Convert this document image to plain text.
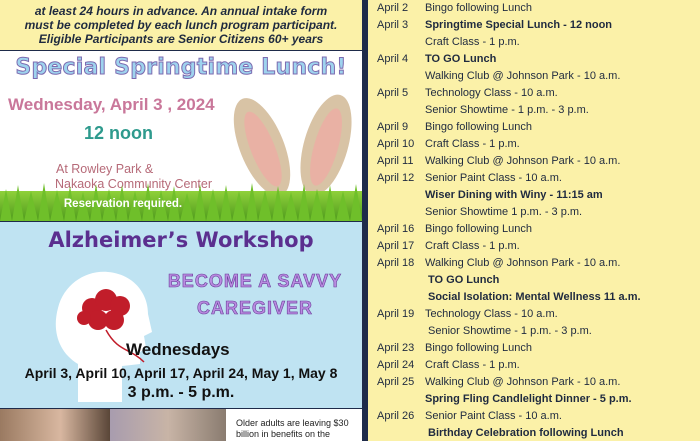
at least 24 hours in advance. An annual intake form

must be completed by each lunch program participant.

Eligible Participants are Senior Citizens 60+ years

Special Springtime Lunch!
Wednesday, April 3 , 2024
12 noon
At Rowley Park &
Nakaoka Community Center
Reservation required.
Alzheimer’s Workshop
BECOME A SAVVY
CAREGIVER
Wednesdays
April 3, April 10, April 17, April 24, May 1, May 8
3 p.m. - 5 p.m.
Older adults are leaving $30
billion in benefits on the
April 2 Bingo following Lunch
April 3 Springtime Special Lunch - 12 noon
Craft Class - 1 p.m.
April 4 TO GO Lunch
Walking Club @ Johnson Park - 10 a.m.
April 5 Technology Class - 10 a.m.
Senior Showtime - 1 p.m. - 3 p.m.
April 9 Bingo following Lunch
April 10 Craft Class - 1 p.m.
April 11 Walking Club @ Johnson Park - 10 a.m.
April 12 Senior Paint Class - 10 a.m.
Wiser Dining with Winy - 11:15 am
Senior Showtime 1 p.m. - 3 p.m.
April 16 Bingo following Lunch
April 17 Craft Class - 1 p.m.
April 18 Walking Club @ Johnson Park - 10 a.m.
TO GO Lunch
Social Isolation: Mental Wellness 11 a.m.
April 19 Technology Class - 10 a.m.
Senior Showtime - 1 p.m. - 3 p.m.
April 23 Bingo following Lunch
April 24 Craft Class - 1 p.m.
April 25 Walking Club @ Johnson Park - 10 a.m.
Spring Fling Candlelight Dinner - 5 p.m.
April 26 Senior Paint Class - 10 a.m.
Birthday Celebration following Lunch
